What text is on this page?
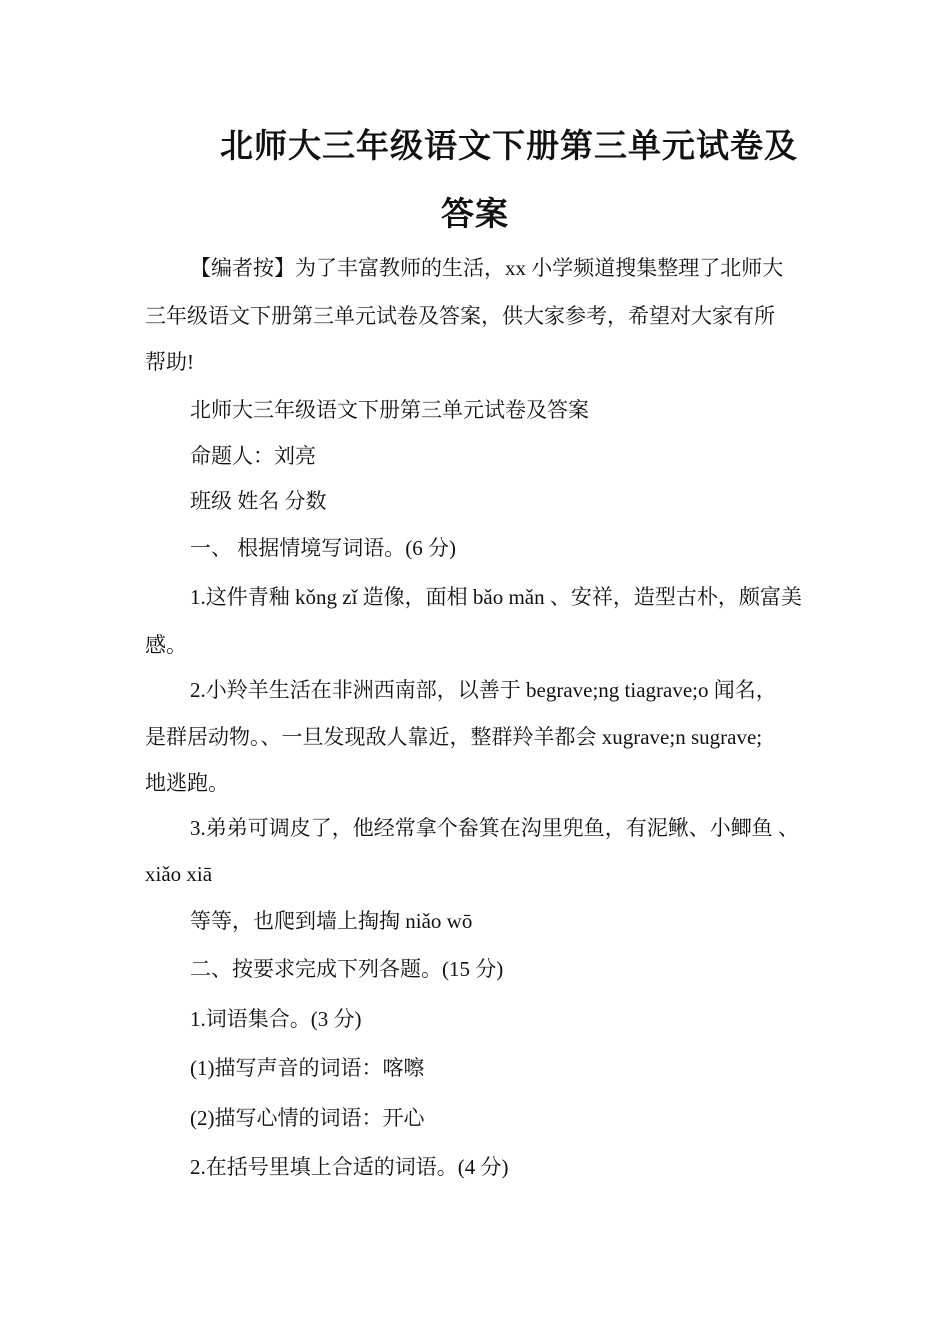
北师大三年级语文下册第三单元试卷及
答案

【编者按】为了丰富教师的生活，xx 小学频道搜集整理了北师大

三年级语文下册第三单元试卷及答案，供大家参考，希望对大家有所

帮助!

北师大三年级语文下册第三单元试卷及答案

命题人：刘亮

班级 姓名 分数

一、 根据情境写词语。(6 分)

1.这件青釉 kǒng zǐ 造像，面相 bǎo mǎn 、安祥，造型古朴，颇富美

感。

2.小羚羊生活在非洲西南部，以善于 begrave;ng tiagrave;o 闻名，

是群居动物。、一旦发现敌人靠近，整群羚羊都会 xugrave;n sugrave;

地逃跑。

3.弟弟可调皮了，他经常拿个畚箕在沟里兜鱼，有泥鳅、小鲫鱼 、

xiǎo xiā

等等，也爬到墙上掏掏 niǎo wō

二、按要求完成下列各题。(15 分)

1.词语集合。(3 分)

(1)描写声音的词语：喀嚓

(2)描写心情的词语：开心

2.在括号里填上合适的词语。(4 分)
